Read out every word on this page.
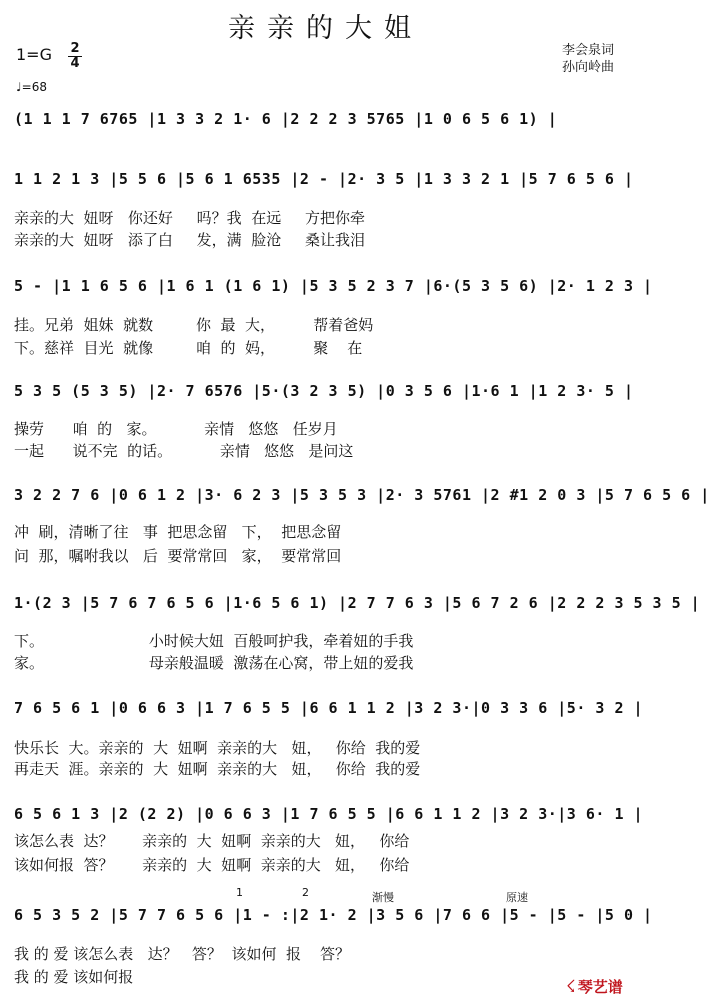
亲亲的大姐
1=G 2
4
♩=68
李会泉词
孙向岭曲
(1 1 1 7 6765 |1 3 3 2 1· 6 |2 2 2 3 5765 |1 0 6 5 6 1) |
1 1 2 1 3 |5 5 6 |5 6 1 6535 |2 - |2· 3 5 |1 3 3 2 1 |5 7 6 5 6 |
亲亲的大  妞呀   你还好     吗？我  在远     方把你牵
亲亲的大  妞呀   添了白     发，满  脸沧     桑让我泪
5 - |1 1 6 5 6 |1 6 1 (1 6 1) |5 3 5 2 3 7 |6·(5 3 5 6) |2· 1 2 3 |
挂。兄弟  姐妹  就数         你  最  大，        帮着爸妈
下。慈祥  目光  就像         咱  的  妈，        聚    在
5 3 5 (5 3 5) |2· 7 6576 |5·(3 2 3 5) |0 3 5 6 |1·6 1 |1 2 3· 5 |
操劳      咱  的   家。          亲情   悠悠   任岁月
一起      说不完  的话。          亲情   悠悠   是问这
3 2 2 7 6 |0 6 1 2 |3· 6 2 3 |5 3 5 3 |2· 3 5761 |2 #1 2 0 3 |5 7 6 5 6 |
冲  刷，清晰了往   事  把思念留   下，  把思念留
问  那，嘱咐我以   后  要常常回   家，  要常常回
1·(2 3 |5 7 6 7 6 5 6 |1·6 5 6 1) |2 7 7 6 3 |5 6 7 2 6 |2 2 2 3 5 3 5 |
下。                      小时候大妞  百般呵护我，牵着妞的手我
家。                      母亲般温暖  激荡在心窝，带上妞的爱我
7 6 5 6 1 |0 6 6 3 |1 7 6 5 5 |6 6 1 1 2 |3 2 3·|0 3 3 6 |5· 3 2 |
快乐长  大。亲亲的  大  妞啊  亲亲的大   妞，   你给  我的爱
再走天  涯。亲亲的  大  妞啊  亲亲的大   妞，   你给  我的爱
6 5 6 1 3 |2 (2 2) |0 6 6 3 |1 7 6 5 5 |6 6 1 1 2 |3 2 3·|3 6· 1 |
该怎么表  达？      亲亲的  大  妞啊  亲亲的大   妞，   你给
该如何报  答？      亲亲的  大  妞啊  亲亲的大   妞，   你给
6 5 3 5 2 |5 7 7 6 5 6 |1 - :|2 1· 2 |3 5 6 |7 6 6 |5 - |5 - |5 0 |
我 的 爱 该怎么表   达？   答？  该如何  报    答？
我 的 爱 该如何报
1	2	渐慢	原速
☇ 琴艺谱
